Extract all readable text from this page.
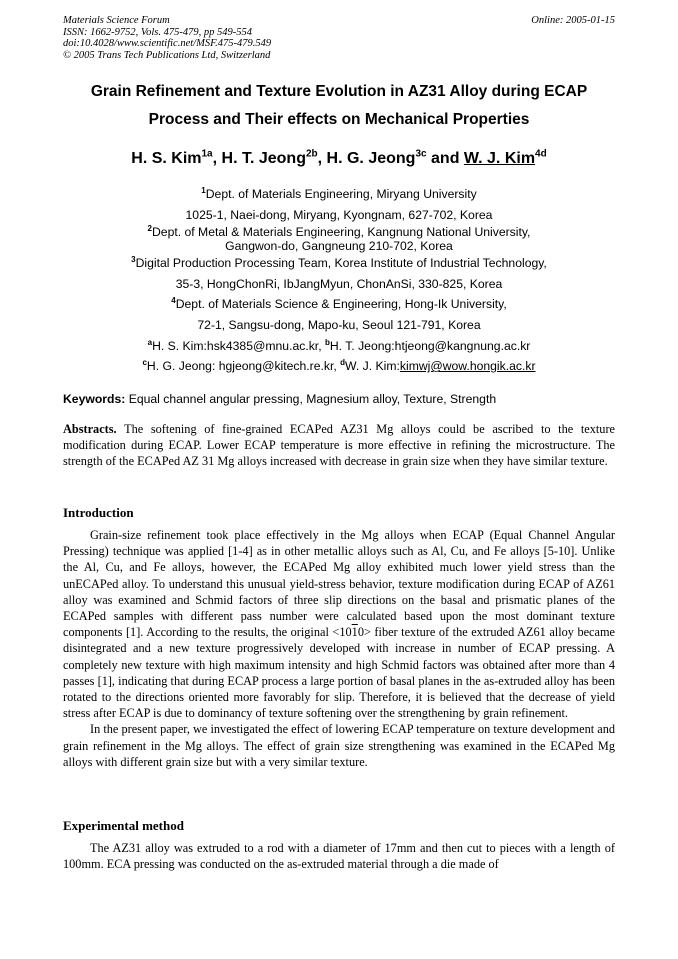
Materials Science Forum
ISSN: 1662-9752, Vols. 475-479, pp 549-554
doi:10.4028/www.scientific.net/MSF.475-479.549
© 2005 Trans Tech Publications Ltd, Switzerland
Online: 2005-01-15
Grain Refinement and Texture Evolution in AZ31 Alloy during ECAP
Process and Their effects on Mechanical Properties
H. S. Kim$^{1a}$, H. T. Jeong$^{2b}$, H. G. Jeong$^{3c}$ and W. J. Kim$^{4d}$
$^1$Dept. of Materials Engineering, Miryang University
1025-1, Naei-dong, Miryang, Kyongnam, 627-702, Korea
$^2$Dept. of Metal & Materials Engineering, Kangnung National University,
Gangwon-do, Gangneung 210-702, Korea
$^3$Digital Production Processing Team, Korea Institute of Industrial Technology,
35-3, HongChonRi, IbJangMyun, ChonAnSi, 330-825, Korea
$^4$Dept. of Materials Science & Engineering, Hong-Ik University,
72-1, Sangsu-dong, Mapo-ku, Seoul 121-791, Korea
$^a$H. S. Kim:hsk4385@mnu.ac.kr, $^b$H. T. Jeong:htjeong@kangnung.ac.kr
$^c$H. G. Jeong: hgjeong@kitech.re.kr, $^d$W. J. Kim:kimwj@wow.hongik.ac.kr
Keywords: Equal channel angular pressing, Magnesium alloy, Texture, Strength
Abstracts. The softening of fine-grained ECAPed AZ31 Mg alloys could be ascribed to the texture modification during ECAP. Lower ECAP temperature is more effective in refining the microstructure. The strength of the ECAPed AZ 31 Mg alloys increased with decrease in grain size when they have similar texture.
Introduction

Grain-size refinement took place effectively in the Mg alloys when ECAP (Equal Channel Angular Pressing) technique was applied [1-4] as in other metallic alloys such as Al, Cu, and Fe alloys [5-10]. Unlike the Al, Cu, and Fe alloys, however, the ECAPed Mg alloy exhibited much lower yield stress than the unECAPed alloy. To understand this unusual yield-stress behavior, texture modification during ECAP of AZ61 alloy was examined and Schmid factors of three slip directions on the basal and prismatic planes of the ECAPed samples with different pass number were calculated based upon the most dominant texture components [1]. According to the results, the original <1010> fiber texture of the extruded AZ61 alloy became disintegrated and a new texture progressively developed with increase in number of ECAP pressing. A completely new texture with high maximum intensity and high Schmid factors was obtained after more than 4 passes [1], indicating that during ECAP process a large portion of basal planes in the as-extruded alloy has been rotated to the directions oriented more favorably for slip. Therefore, it is believed that the decrease of yield stress after ECAP is due to dominancy of texture softening over the strengthening by grain refinement.

In the present paper, we investigated the effect of lowering ECAP temperature on texture development and grain refinement in the Mg alloys. The effect of grain size strengthening was examined in the ECAPed Mg alloys with different grain size but with a very similar texture.

Experimental method

The AZ31 alloy was extruded to a rod with a diameter of 17mm and then cut to pieces with a length of 100mm. ECA pressing was conducted on the as-extruded material through a die made of
